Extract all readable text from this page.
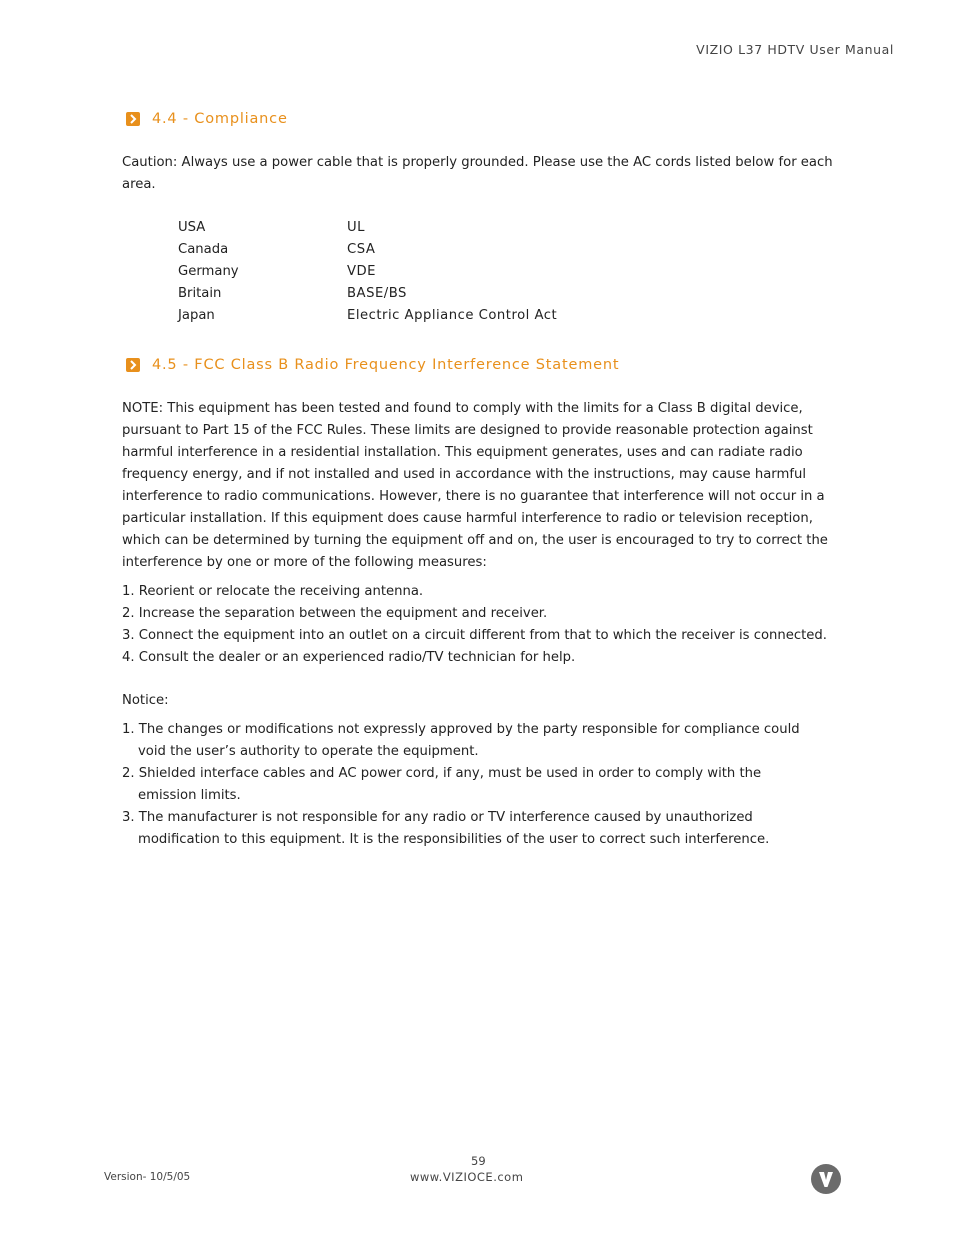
VIZIO L37 HDTV User Manual
4.4 - Compliance

Caution: Always use a power cable that is properly grounded. Please use the AC cords listed below for each area.

USA	UL
Canada	CSA
Germany	VDE
Britain	BASE/BS
Japan	Electric Appliance Control Act
4.5 - FCC Class B Radio Frequency Interference Statement

NOTE: This equipment has been tested and found to comply with the limits for a Class B digital device, pursuant to Part 15 of the FCC Rules. These limits are designed to provide reasonable protection against harmful interference in a residential installation. This equipment generates, uses and can radiate radio frequency energy, and if not installed and used in accordance with the instructions, may cause harmful interference to radio communications. However, there is no guarantee that interference will not occur in a particular installation. If this equipment does cause harmful interference to radio or television reception, which can be determined by turning the equipment off and on, the user is encouraged to try to correct the interference by one or more of the following measures:

1. Reorient or relocate the receiving antenna.
2. Increase the separation between the equipment and receiver.
3. Connect the equipment into an outlet on a circuit different from that to which the receiver is connected.
4. Consult the dealer or an experienced radio/TV technician for help.

Notice:

1. The changes or modifications not expressly approved by the party responsible for compliance could void the user’s authority to operate the equipment.
2. Shielded interface cables and AC power cord, if any, must be used in order to comply with the emission limits.
3. The manufacturer is not responsible for any radio or TV interference caused by unauthorized modification to this equipment. It is the responsibilities of the user to correct such interference.
Version- 10/5/05
59
www.VIZIOCE.com
